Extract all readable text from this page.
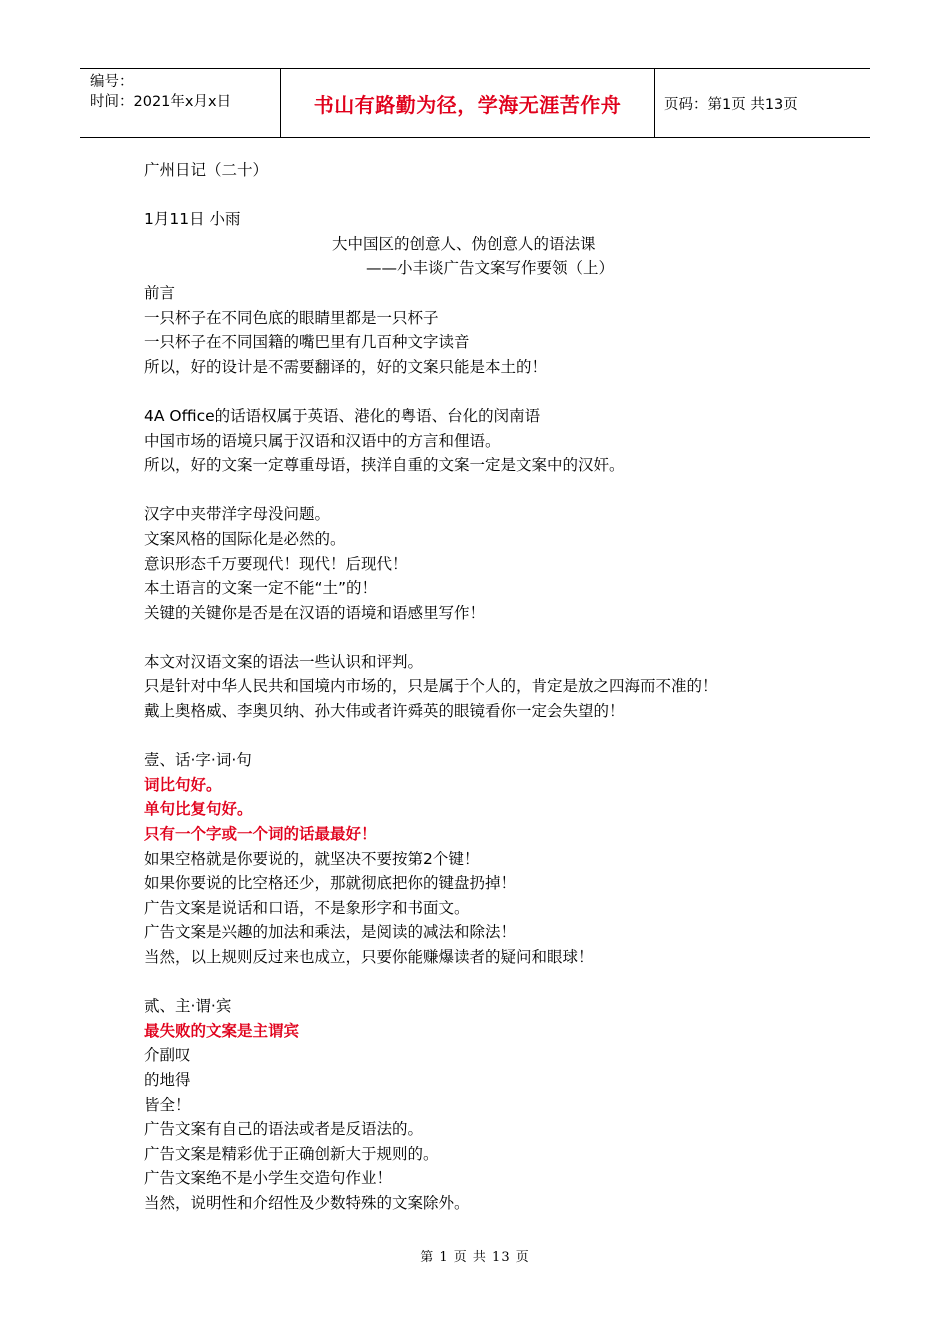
编号：
时间：2021年x月x日	书山有路勤为径，学海无涯苦作舟	页码：第1页 共13页
广州日记（二十）
1月11日 小雨
大中国区的创意人、伪创意人的语法课
——小丰谈广告文案写作要领（上）
前言
一只杯子在不同色底的眼睛里都是一只杯子
一只杯子在不同国籍的嘴巴里有几百种文字读音
所以，好的设计是不需要翻译的，好的文案只能是本土的！
4A Office的话语权属于英语、港化的粤语、台化的闵南语
中国市场的语境只属于汉语和汉语中的方言和俚语。
所以，好的文案一定尊重母语，挟洋自重的文案一定是文案中的汉奸。
汉字中夹带洋字母没问题。
文案风格的国际化是必然的。
意识形态千万要现代！现代！后现代！
本土语言的文案一定不能“土”的！
关键的关键你是否是在汉语的语境和语感里写作！
本文对汉语文案的语法一些认识和评判。
只是针对中华人民共和国境内市场的，只是属于个人的，肯定是放之四海而不准的！
戴上奥格威、李奥贝纳、孙大伟或者许舜英的眼镜看你一定会失望的！
壹、话·字·词·句
词比句好。
单句比复句好。
只有一个字或一个词的话最最好！
如果空格就是你要说的，就坚决不要按第2个键！
如果你要说的比空格还少，那就彻底把你的键盘扔掉！
广告文案是说话和口语，不是象形字和书面文。
广告文案是兴趣的加法和乘法，是阅读的减法和除法！
当然，以上规则反过来也成立，只要你能赚爆读者的疑问和眼球！
贰、主·谓·宾
最失败的文案是主谓宾
介副叹
的地得
皆全！
广告文案有自己的语法或者是反语法的。
广告文案是精彩优于正确创新大于规则的。
广告文案绝不是小学生交造句作业！
当然，说明性和介绍性及少数特殊的文案除外。
第 1 页 共 13 页
